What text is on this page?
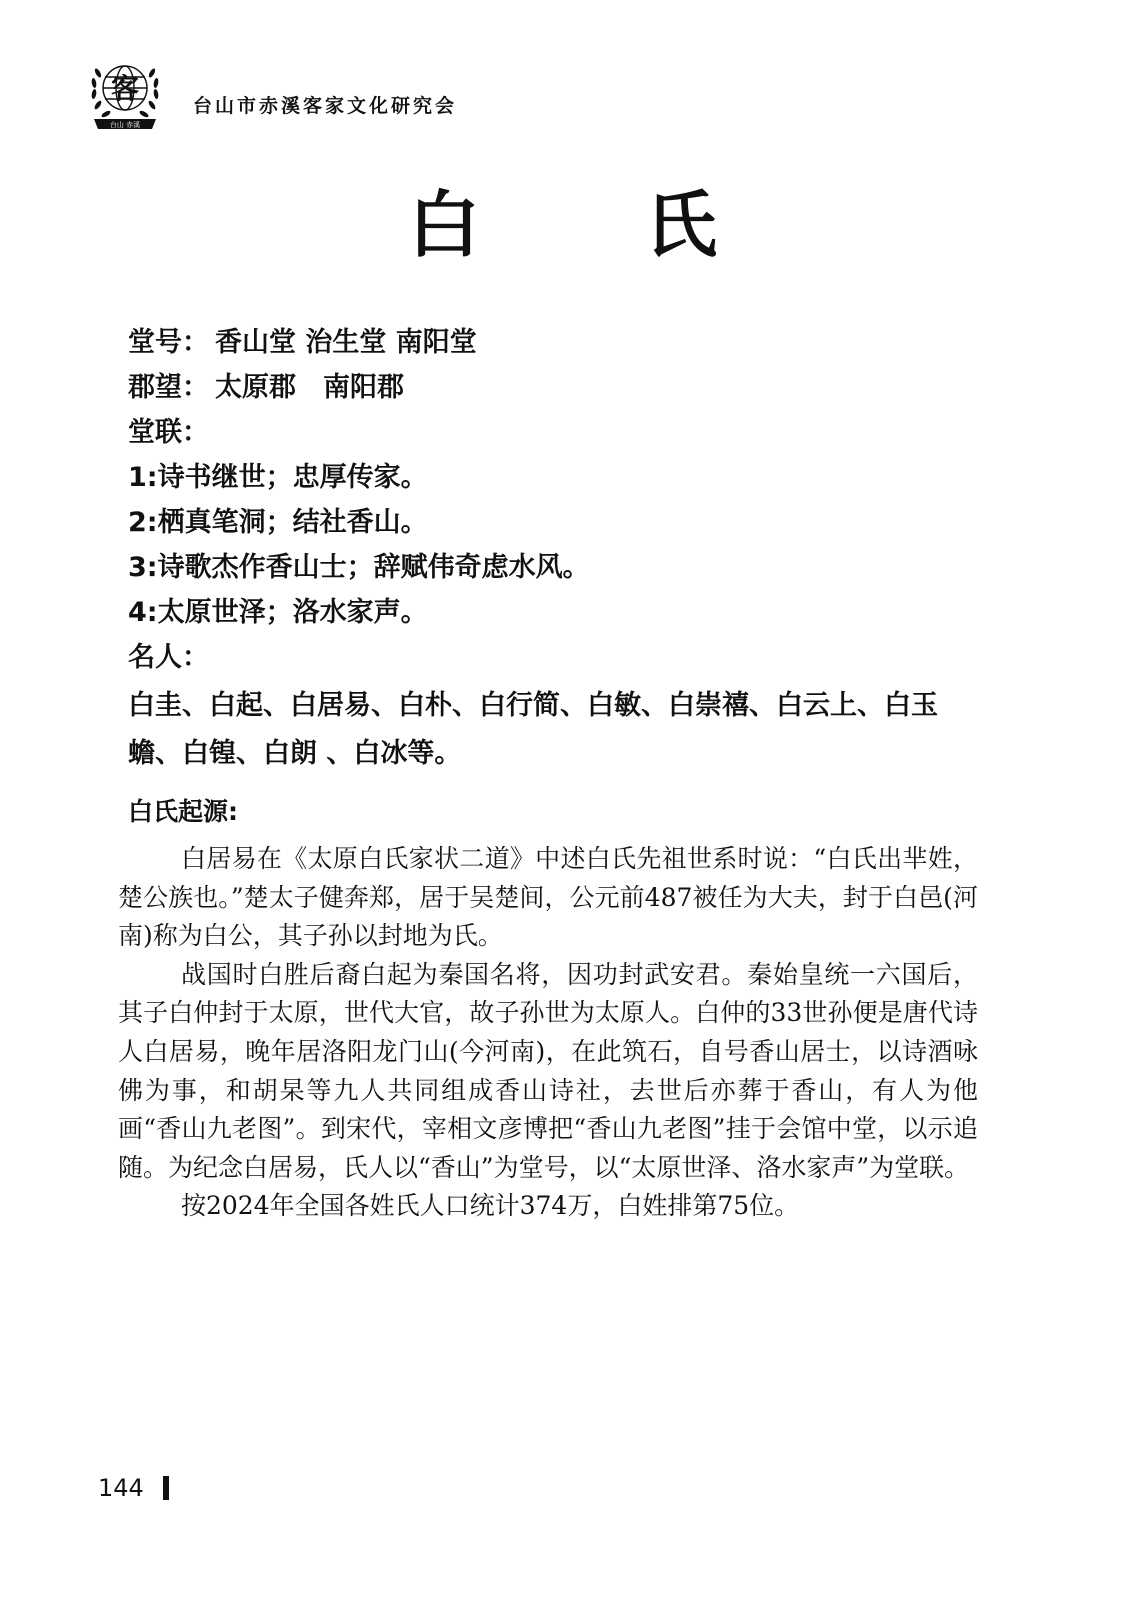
客
台山 赤溪
台山市赤溪客家文化研究会
白 氏
堂号： 香山堂 治生堂 南阳堂
郡望： 太原郡　南阳郡
堂联：
1:诗书继世；忠厚传家。
2:栖真笔洞；结社香山。
3:诗歌杰作香山士；辞赋伟奇虑水风。
4:太原世泽；洛水家声。
名人：
白圭、白起、白居易、白朴、白行简、白敏、白崇禧、白云上、白玉蟾、白锽、白朗 、白冰等。
白氏起源:

白居易在《太原白氏家状二道》中述白氏先祖世系时说：“白氏出芈姓，楚公族也。”楚太子健奔郑，居于吴楚间，公元前487被任为大夫，封于白邑(河南)称为白公，其子孙以封地为氏。

战国时白胜后裔白起为秦国名将，因功封武安君。秦始皇统一六国后，其子白仲封于太原，世代大官，故子孙世为太原人。白仲的33世孙便是唐代诗人白居易，晚年居洛阳龙门山(今河南)，在此筑石，自号香山居士，以诗酒咏佛为事，和胡杲等九人共同组成香山诗社，去世后亦葬于香山，有人为他画“香山九老图”。到宋代，宰相文彦博把“香山九老图”挂于会馆中堂，以示追随。为纪念白居易，氏人以“香山”为堂号，以“太原世泽、洛水家声”为堂联。

按2024年全国各姓氏人口统计374万，白姓排第75位。

144
